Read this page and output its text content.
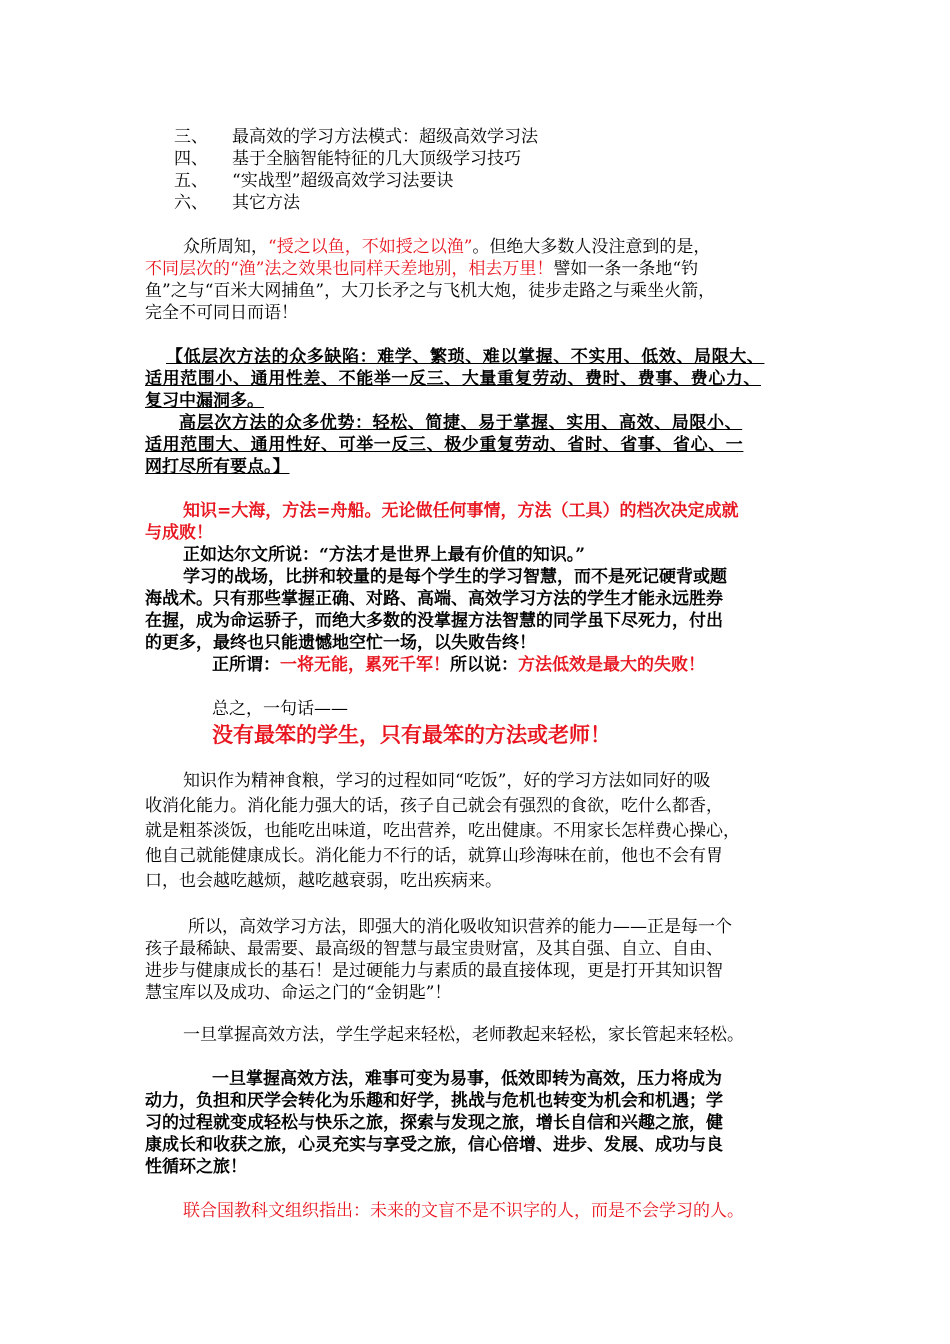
三、 最高效的学习方法模式：超级高效学习法
四、 基于全脑智能特征的几大顶级学习技巧
五、 “实战型”超级高效学习法要诀
六、 其它方法
众所周知，“授之以鱼，不如授之以渔”。但绝大多数人没注意到的是，
不同层次的“渔”法之效果也同样天差地别，相去万里！譬如一条一条地“钓
鱼”之与“百米大网捕鱼”，大刀长矛之与飞机大炮，徒步走路之与乘坐火箭，
完全不可同日而语！
【低层次方法的众多缺陷：难学、繁琐、难以掌握、不实用、低效、局限大、
适用范围小、通用性差、不能举一反三、大量重复劳动、费时、费事、费心力、
复习中漏洞多。
高层次方法的众多优势：轻松、简捷、易于掌握、实用、高效、局限小、
适用范围大、通用性好、可举一反三、极少重复劳动、省时、省事、省心、一
网打尽所有要点。】
知识=大海，方法=舟船。无论做任何事情，方法（工具）的档次决定成就
与成败！
正如达尔文所说：“方法才是世界上最有价值的知识。”
学习的战场，比拼和较量的是每个学生的学习智慧，而不是死记硬背或题
海战术。只有那些掌握正确、对路、高端、高效学习方法的学生才能永远胜券
在握，成为命运骄子，而绝大多数的没掌握方法智慧的同学虽下尽死力，付出
的更多，最终也只能遗憾地空忙一场，以失败告终！
正所谓：一将无能，累死千军！所以说：方法低效是最大的失败！
总之，一句话——
没有最笨的学生，只有最笨的方法或老师！
知识作为精神食粮，学习的过程如同“吃饭”，好的学习方法如同好的吸
收消化能力。消化能力强大的话，孩子自己就会有强烈的食欲，吃什么都香，
就是粗茶淡饭，也能吃出味道，吃出营养，吃出健康。不用家长怎样费心操心，
他自己就能健康成长。消化能力不行的话，就算山珍海味在前，他也不会有胃
口，也会越吃越烦，越吃越衰弱，吃出疾病来。
所以，高效学习方法，即强大的消化吸收知识营养的能力——正是每一个
孩子最稀缺、最需要、最高级的智慧与最宝贵财富，及其自强、自立、自由、
进步与健康成长的基石！是过硬能力与素质的最直接体现，更是打开其知识智
慧宝库以及成功、命运之门的“金钥匙”！
一旦掌握高效方法，学生学起来轻松，老师教起来轻松，家长管起来轻松。
一旦掌握高效方法，难事可变为易事，低效即转为高效，压力将成为
动力，负担和厌学会转化为乐趣和好学，挑战与危机也转变为机会和机遇；学
习的过程就变成轻松与快乐之旅，探索与发现之旅，增长自信和兴趣之旅，健
康成长和收获之旅，心灵充实与享受之旅，信心倍增、进步、发展、成功与良
性循环之旅！
联合国教科文组织指出：未来的文盲不是不识字的人，而是不会学习的人。
